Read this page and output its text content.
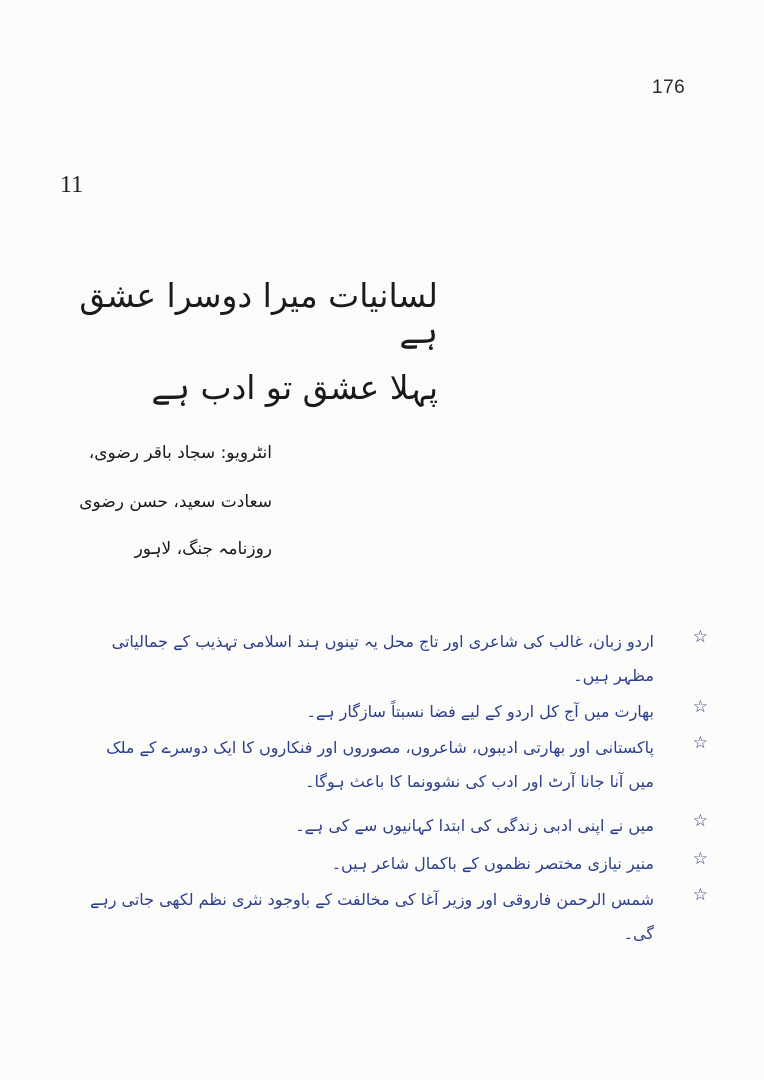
176
11
لسانیات میرا دوسرا عشق ہے
پہلا عشق تو ادب ہے
انٹرویو: سجاد باقر رضوی،
سعادت سعید، حسن رضوی
روزنامہ جنگ، لاہور
☆
اردو زبان، غالب کی شاعری اور تاج محل یہ تینوں ہند اسلامی تہذیب کے جمالیاتی مظہر ہیں۔
☆
بھارت میں آج کل اردو کے لیے فضا نسبتاً سازگار ہے۔
☆
پاکستانی اور بھارتی ادیبوں، شاعروں، مصوروں اور فنکاروں کا ایک دوسرے کے ملک میں آنا جانا آرٹ اور ادب کی نشوونما کا باعث ہوگا۔
☆
میں نے اپنی ادبی زندگی کی ابتدا کہانیوں سے کی ہے۔
☆
منیر نیازی مختصر نظموں کے باکمال شاعر ہیں۔
☆
شمس الرحمن فاروقی اور وزیر آغا کی مخالفت کے باوجود نثری نظم لکھی جاتی رہے گی۔
